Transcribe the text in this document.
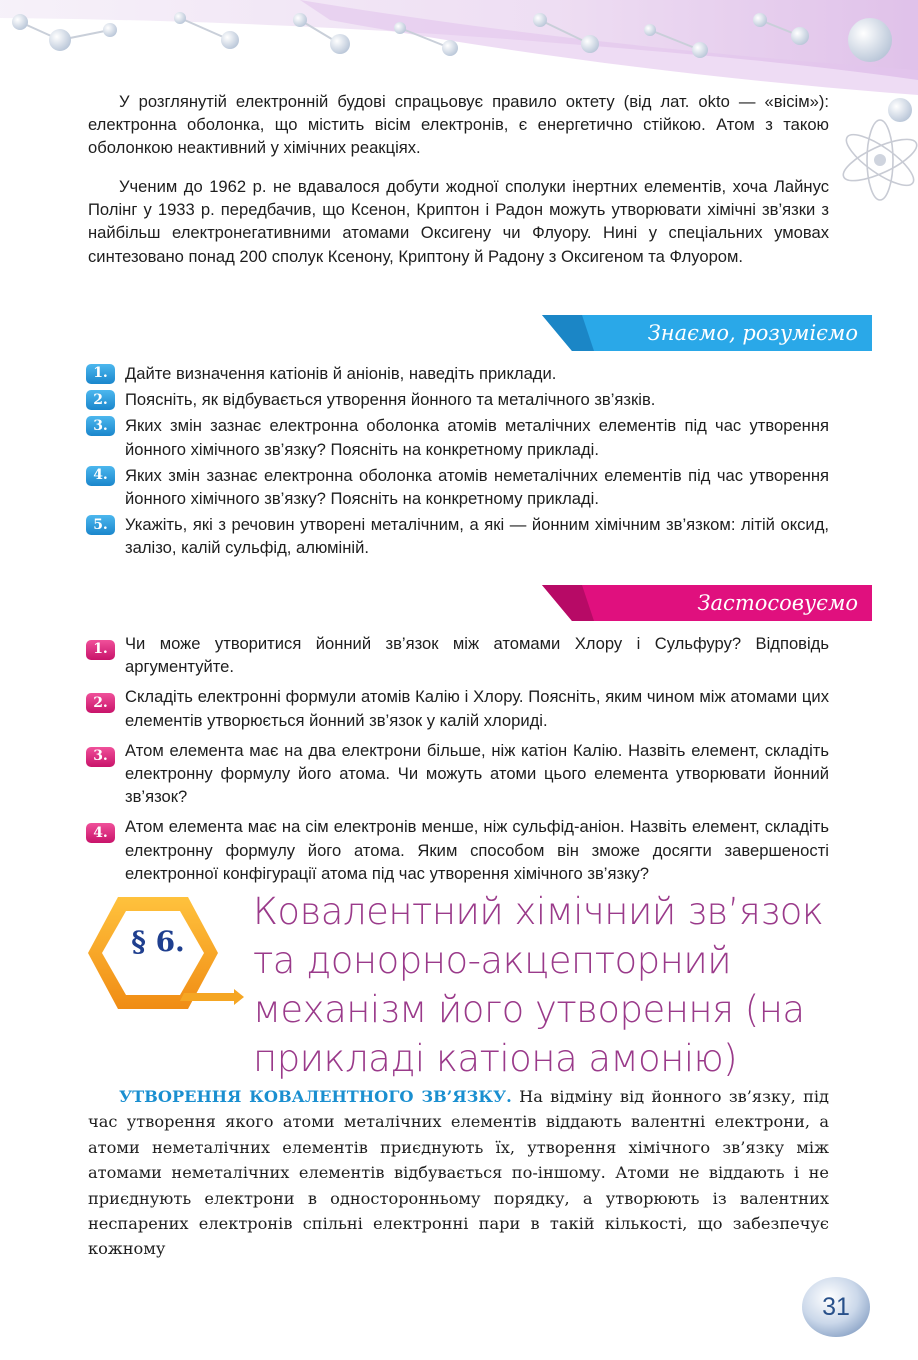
У розглянутій електронній будові спрацьовує правило октету (від лат. okto — «вісім»): електронна оболонка, що містить вісім електронів, є енергетично стійкою. Атом з такою оболонкою неактивний у хімічних реакціях.

Ученим до 1962 р. не вдавалося добути жодної сполуки інертних елементів, хоча Лайнус Полінг у 1933 р. передбачив, що Ксенон, Криптон і Радон можуть утворювати хімічні зв’язки з найбільш електронегативними атомами Оксигену чи Флуору. Нині у спеціальних умовах синтезовано понад 200 сполук Ксенону, Криптону й Радону з Оксигеном та Флуором.

Знаємо, розуміємо
1.	Дайте визначення катіонів й аніонів, наведіть приклади.
2.	Поясніть, як відбувається утворення йонного та металічного зв’язків.
3.	Яких змін зазнає електронна оболонка атомів металічних елементів під час утворення йонного хімічного зв’язку? Поясніть на конкретному прикладі.
4.	Яких змін зазнає електронна оболонка атомів неметалічних елементів під час утворення йонного хімічного зв’язку? Поясніть на конкретному прикладі.
5.	Укажіть, які з речовин утворені металічним, а які — йонним хімічним зв’язком: літій оксид, залізо, калій сульфід, алюміній.
Застосовуємо
1.	Чи може утворитися йонний зв’язок між атомами Хлору і Сульфуру? Відповідь аргументуйте.
2.	Складіть електронні формули атомів Калію і Хлору. Поясніть, яким чином між атомами цих елементів утворюється йонний зв’язок у калій хлориді.
3.	Атом елемента має на два електрони більше, ніж катіон Калію. Назвіть елемент, складіть електронну формулу його атома. Чи можуть атоми цього елемента утворювати йонний зв’язок?
4.	Атом елемента має на сім електронів менше, ніж сульфід-аніон. Назвіть елемент, складіть електронну формулу його атома. Яким способом він зможе досягти завершеності електронної конфігурації атома під час утворення хімічного зв’язку?
§ 6.
Ковалентний хімічний зв’язок та донорно-акцепторний механізм його утворення (на прикладі катіона амонію)

УТВОРЕННЯ КОВАЛЕНТНОГО ЗВ’ЯЗКУ. На відміну від йонного зв’язку, під час утворення якого атоми металічних елементів віддають валентні електрони, а атоми неметалічних елементів приєднують їх, утворення хімічного зв’язку між атомами неметалічних елементів відбувається по-іншому. Атоми не віддають і не приєднують електрони в односторонньому порядку, а утворюють із валентних неспарених електронів спільні електронні пари в такій кількості, що забезпечує кожному

31
